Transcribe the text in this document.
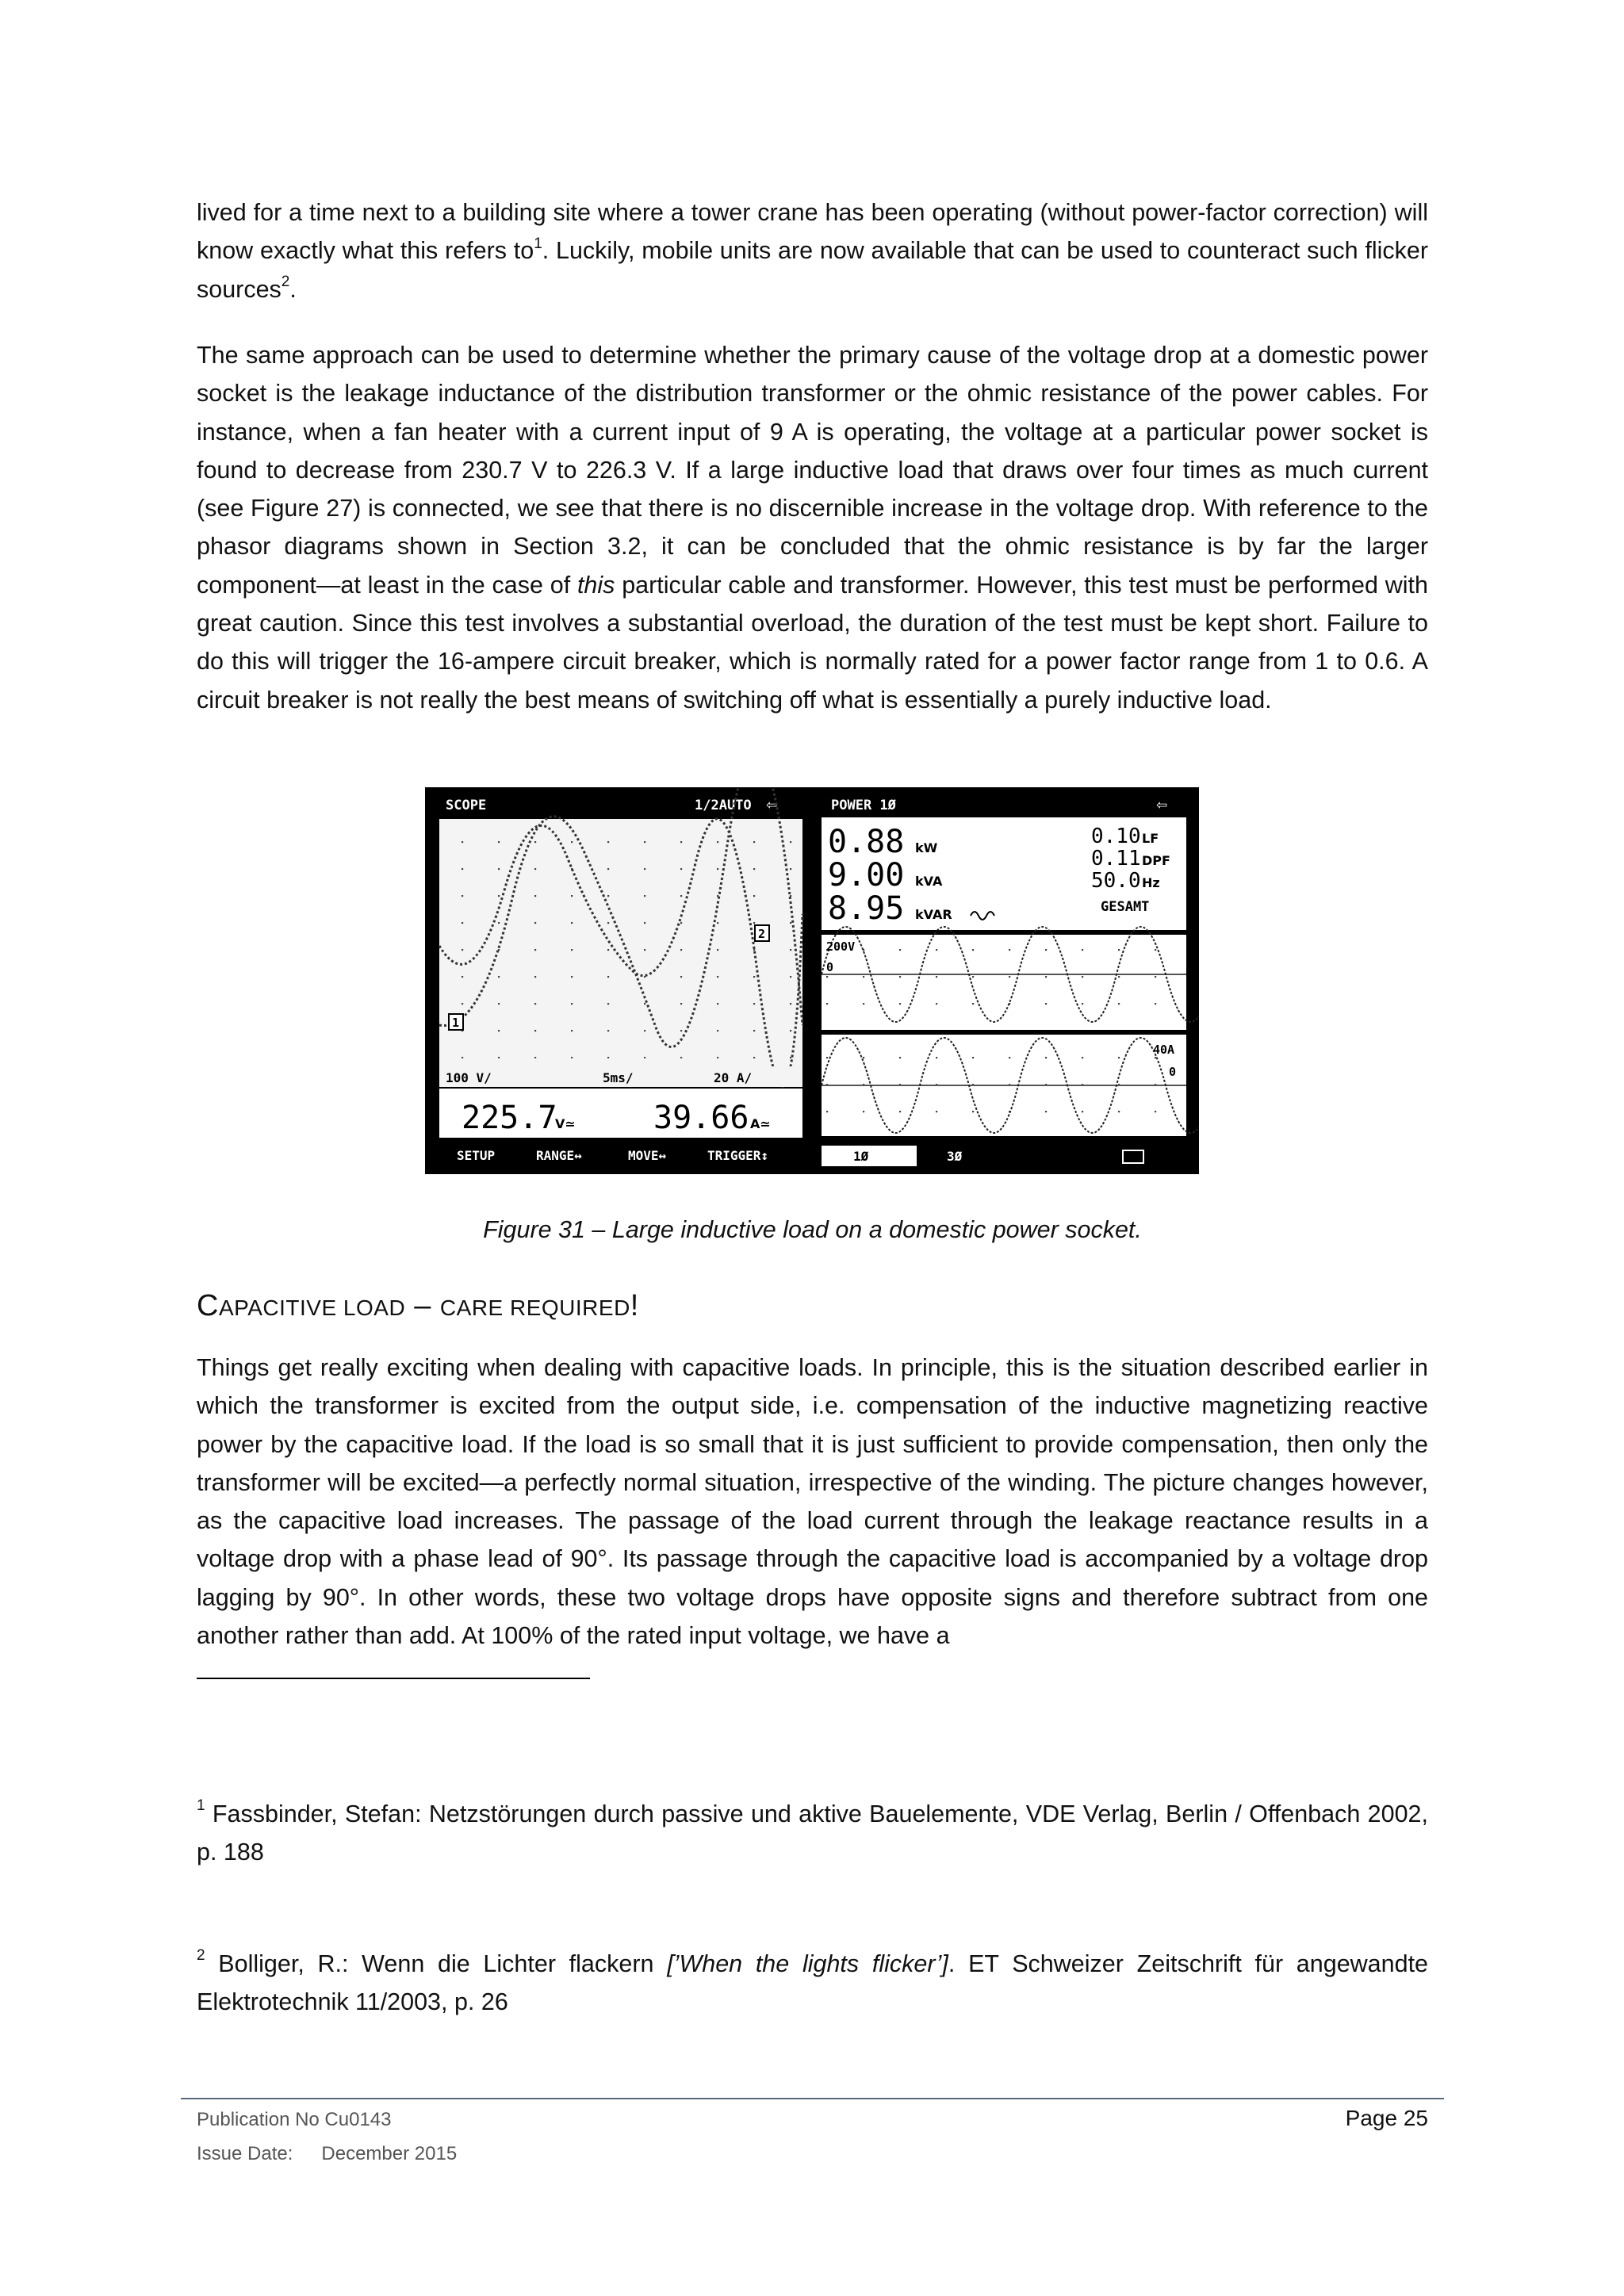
lived for a time next to a building site where a tower crane has been operating (without power-factor correction) will know exactly what this refers $to^1$. Luckily, mobile units are now available that can be used to counteract such flicker sources$^2$.

The same approach can be used to determine whether the primary cause of the voltage drop at a domestic power socket is the leakage inductance of the distribution transformer or the ohmic resistance of the power cables. For instance, when a fan heater with a current input of 9 A is operating, the voltage at a particular power socket is found to decrease from 230.7 V to 226.3 V. If a large inductive load that draws over four times as much current (see Figure 27) is connected, we see that there is no discernible increase in the voltage drop. With reference to the phasor diagrams shown in Section 3.2, it can be concluded that the ohmic resistance is by far the larger component—at least in the case of this particular cable and transformer. However, this test must be performed with great caution. Since this test involves a substantial overload, the duration of the test must be kept short. Failure to do this will trigger the 16-ampere circuit breaker, which is normally rated for a power factor range from 1 to 0.6. A circuit breaker is not really the best means of switching off what is essentially a purely inductive load.

SCOPE	1/2AUTO ⇦
1
2
100 V/	5ms/	20 A/
225.7
V≃ 39.66 A≃
SETUP	RANGE↔	MOVE↔	TRIGGER↕
POWER 1Ø	⇦
0.88 kW
9.00 kVA
8.95 kVAR
0.10 LF
0.11 DPF
50.0 Hz
GESAMT
200V
0
40A
0
1Ø	3Ø

Figure 31 – Large inductive load on a domestic power socket.

CAPACITIVE LOAD – CARE REQUIRED!

Things get really exciting when dealing with capacitive loads. In principle, this is the situation described earlier in which the transformer is excited from the output side, i.e. compensation of the inductive magnetizing reactive power by the capacitive load. If the load is so small that it is just sufficient to provide compensation, then only the transformer will be excited—a perfectly normal situation, irrespective of the winding. The picture changes however, as the capacitive load increases. The passage of the load current through the leakage reactance results in a voltage drop with a phase lead of 90°. Its passage through the capacitive load is accompanied by a voltage drop lagging by 90°. In other words, these two voltage drops have opposite signs and therefore subtract from one another rather than add. At 100% of the rated input voltage, we have a

$^1$ Fassbinder, Stefan: Netzstörungen durch passive und aktive Bauelemente, VDE Verlag, Berlin / Offenbach 2002, p. 188

$^2$ Bolliger, R.: Wenn die Lichter flackern [’When the lights flicker’]. ET Schweizer Zeitschrift für angewandte Elektrotechnik 11/2003, p. 26

Publication No Cu0143

Issue Date: December 2015

Page 25
